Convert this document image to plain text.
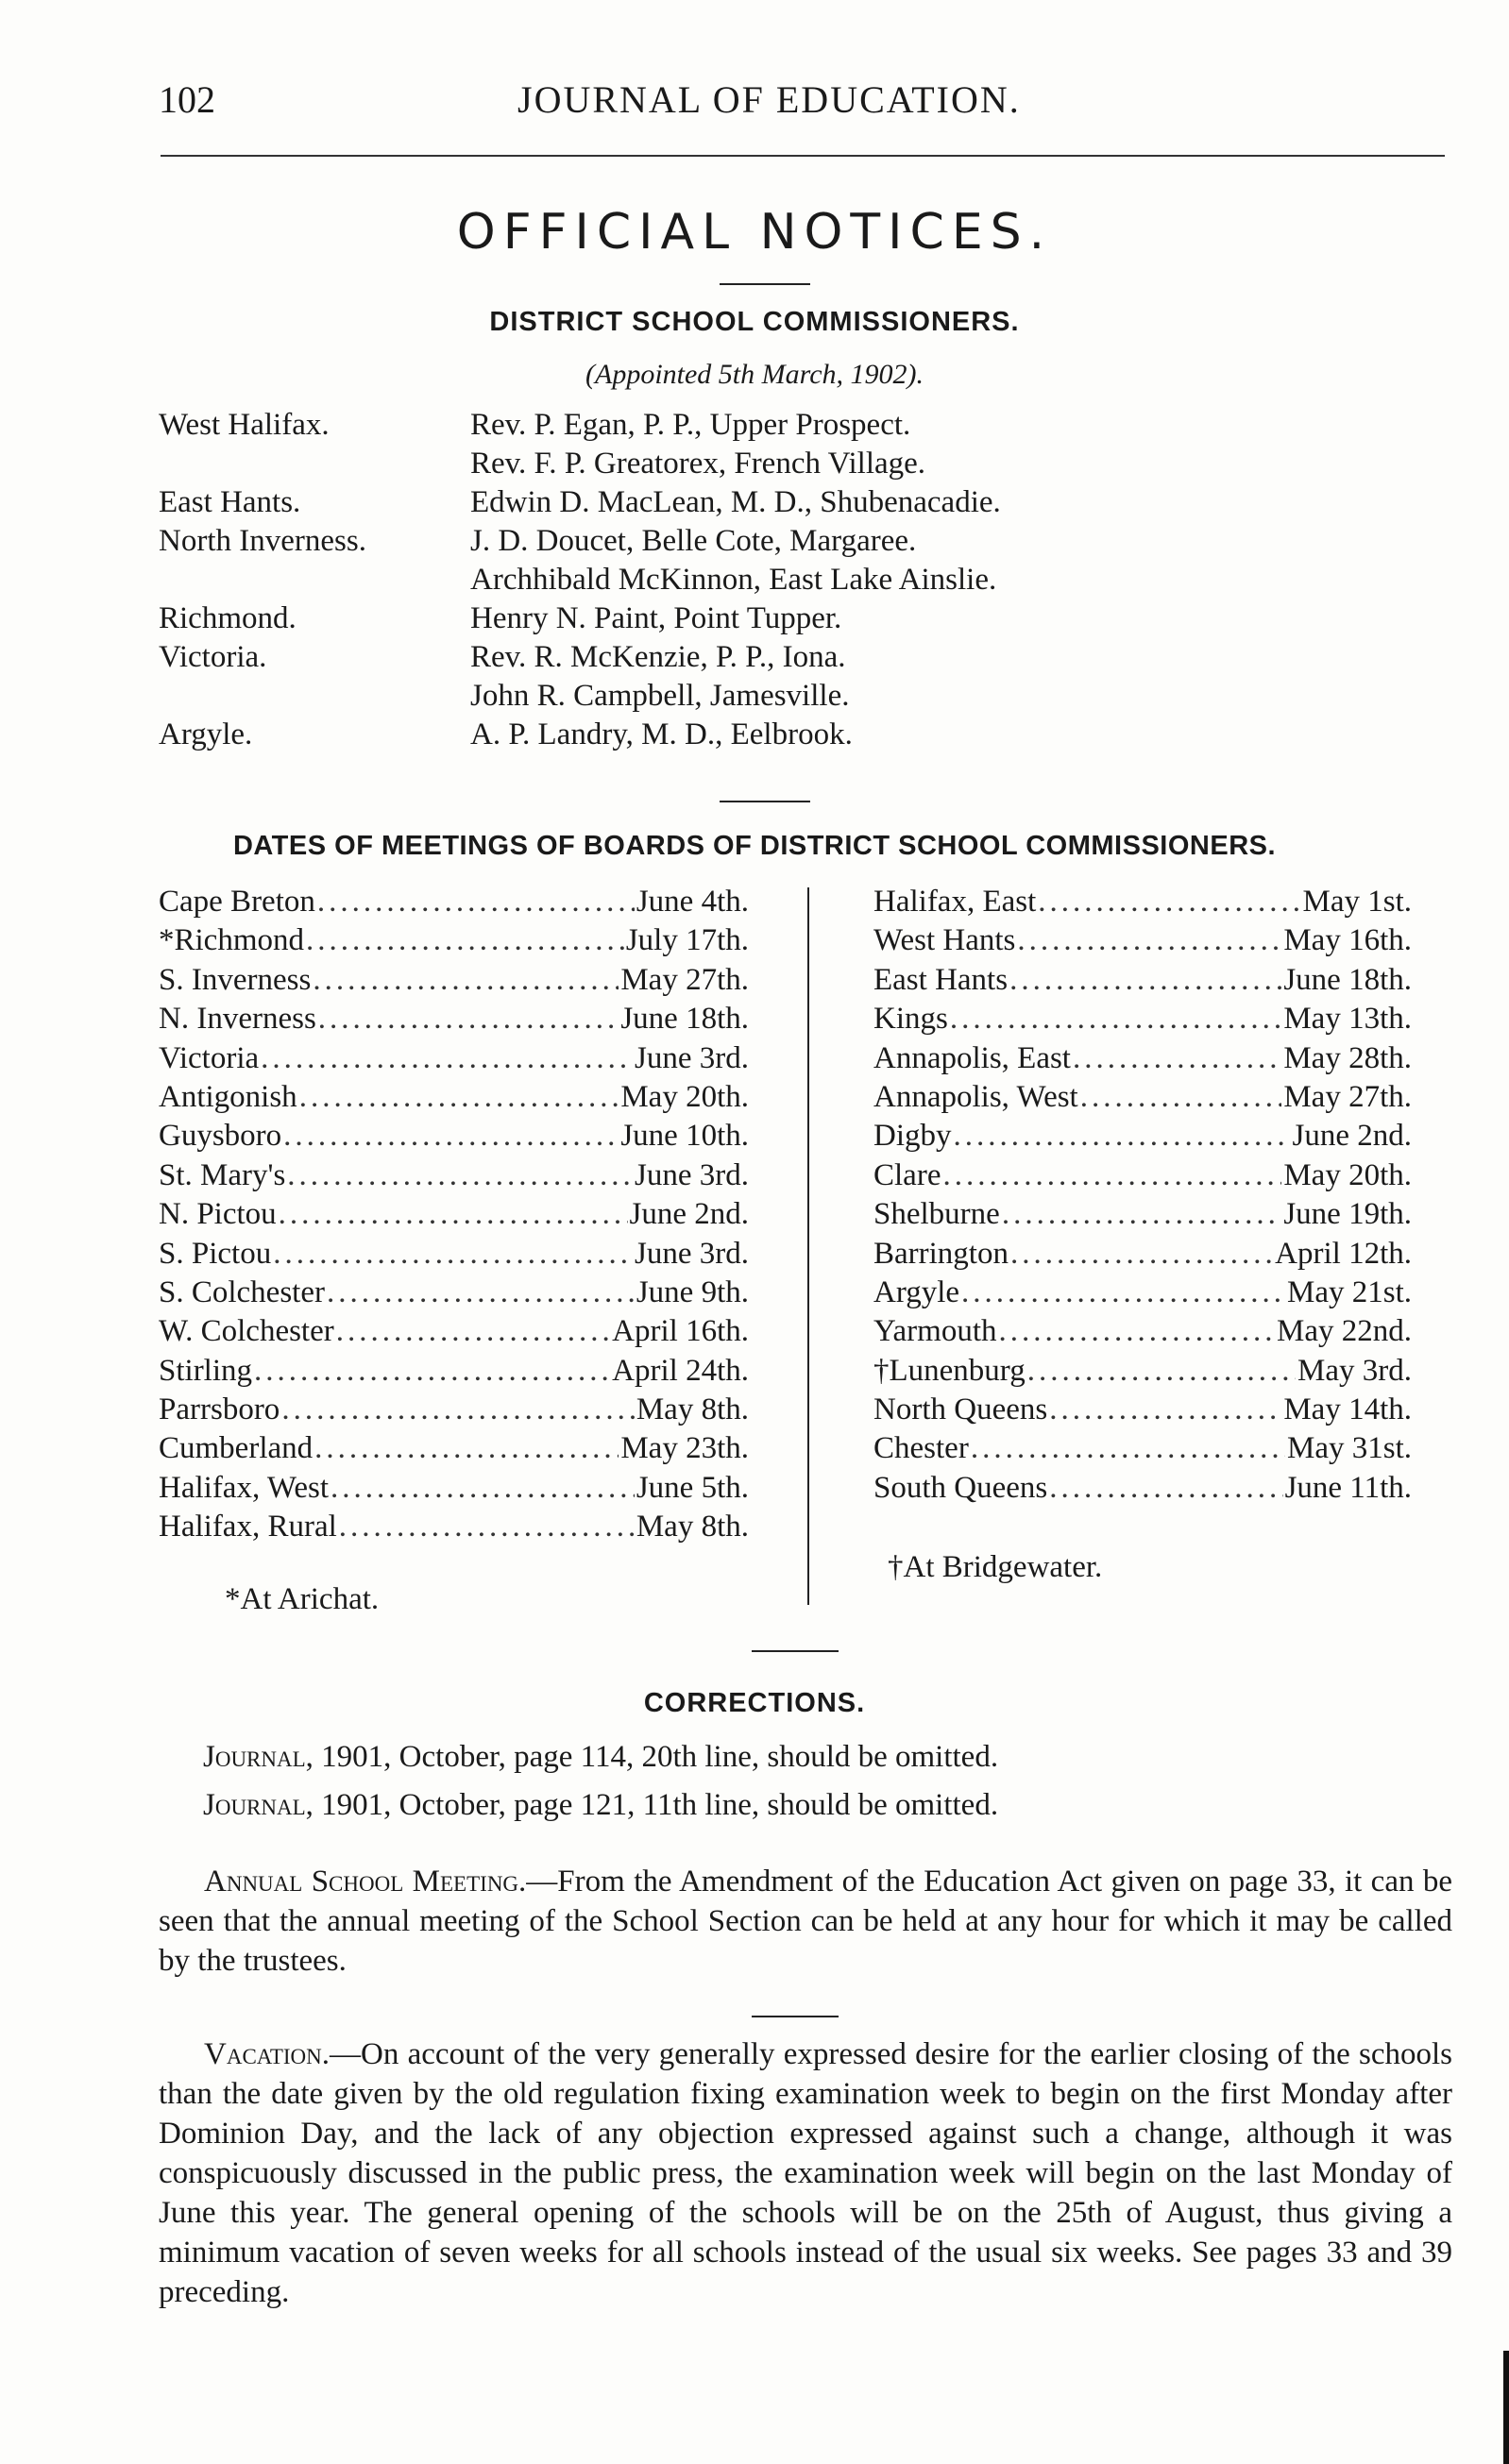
102	JOURNAL OF EDUCATION.
OFFICIAL NOTICES.
DISTRICT SCHOOL COMMISSIONERS.
(Appointed 5th March, 1902).
West Halifax.	Rev. P. Egan, P. P., Upper Prospect.
Rev. F. P. Greatorex, French Village.
East Hants.	Edwin D. MacLean, M. D., Shubenacadie.
North Inverness.	J. D. Doucet, Belle Cote, Margaree.
Archhibald McKinnon, East Lake Ainslie.
Richmond.	Henry N. Paint, Point Tupper.
Victoria.	Rev. R. McKenzie, P. P., Iona.
John R. Campbell, Jamesville.
Argyle.	A. P. Landry, M. D., Eelbrook.
DATES OF MEETINGS OF BOARDS OF DISTRICT SCHOOL COMMISSIONERS.
Cape Breton .....	June 4th.
*Richmond .....	July 17th.
S. Inverness .....	May 27th.
N. Inverness .....	June 18th.
Victoria .....	June 3rd.
Antigonish .....	May 20th.
Guysboro .....	June 10th.
St. Mary's .....	June 3rd.
N. Pictou .....	June 2nd.
S. Pictou .....	June 3rd.
S. Colchester .....	June 9th.
W. Colchester .....	April 16th.
Stirling .....	April 24th.
Parrsboro .....	May 8th.
Cumberland .....	May 23th.
Halifax, West .....	June 5th.
Halifax, Rural .....	May 8th.
Halifax, East .....	May 1st.
West Hants .....	May 16th.
East Hants .....	June 18th.
Kings .....	May 13th.
Annapolis, East .....	May 28th.
Annapolis, West .....	May 27th.
Digby .....	June 2nd.
Clare .....	May 20th.
Shelburne .....	June 19th.
Barrington .....	April 12th.
Argyle .....	May 21st.
Yarmouth .....	May 22nd.
†Lunenburg .....	May 3rd.
North Queens .....	May 14th.
Chester .....	May 31st.
South Queens .....	June 11th.
*At Arichat.
†At Bridgewater.
CORRECTIONS.
Journal, 1901, October, page 114, 20th line, should be omitted.
Journal, 1901, October, page 121, 11th line, should be omitted.
Annual School Meeting.—From the Amendment of the Education Act given on page 33, it can be seen that the annual meeting of the School Section can be held at any hour for which it may be called by the trustees.
Vacation.—On account of the very generally expressed desire for the earlier closing of the schools than the date given by the old regulation fixing examination week to begin on the first Monday after Dominion Day, and the lack of any objection expressed against such a change, although it was conspicuously discussed in the public press, the examination week will begin on the last Monday of June this year. The general opening of the schools will be on the 25th of August, thus giving a minimum vacation of seven weeks for all schools instead of the usual six weeks. See pages 33 and 39 preceding.
